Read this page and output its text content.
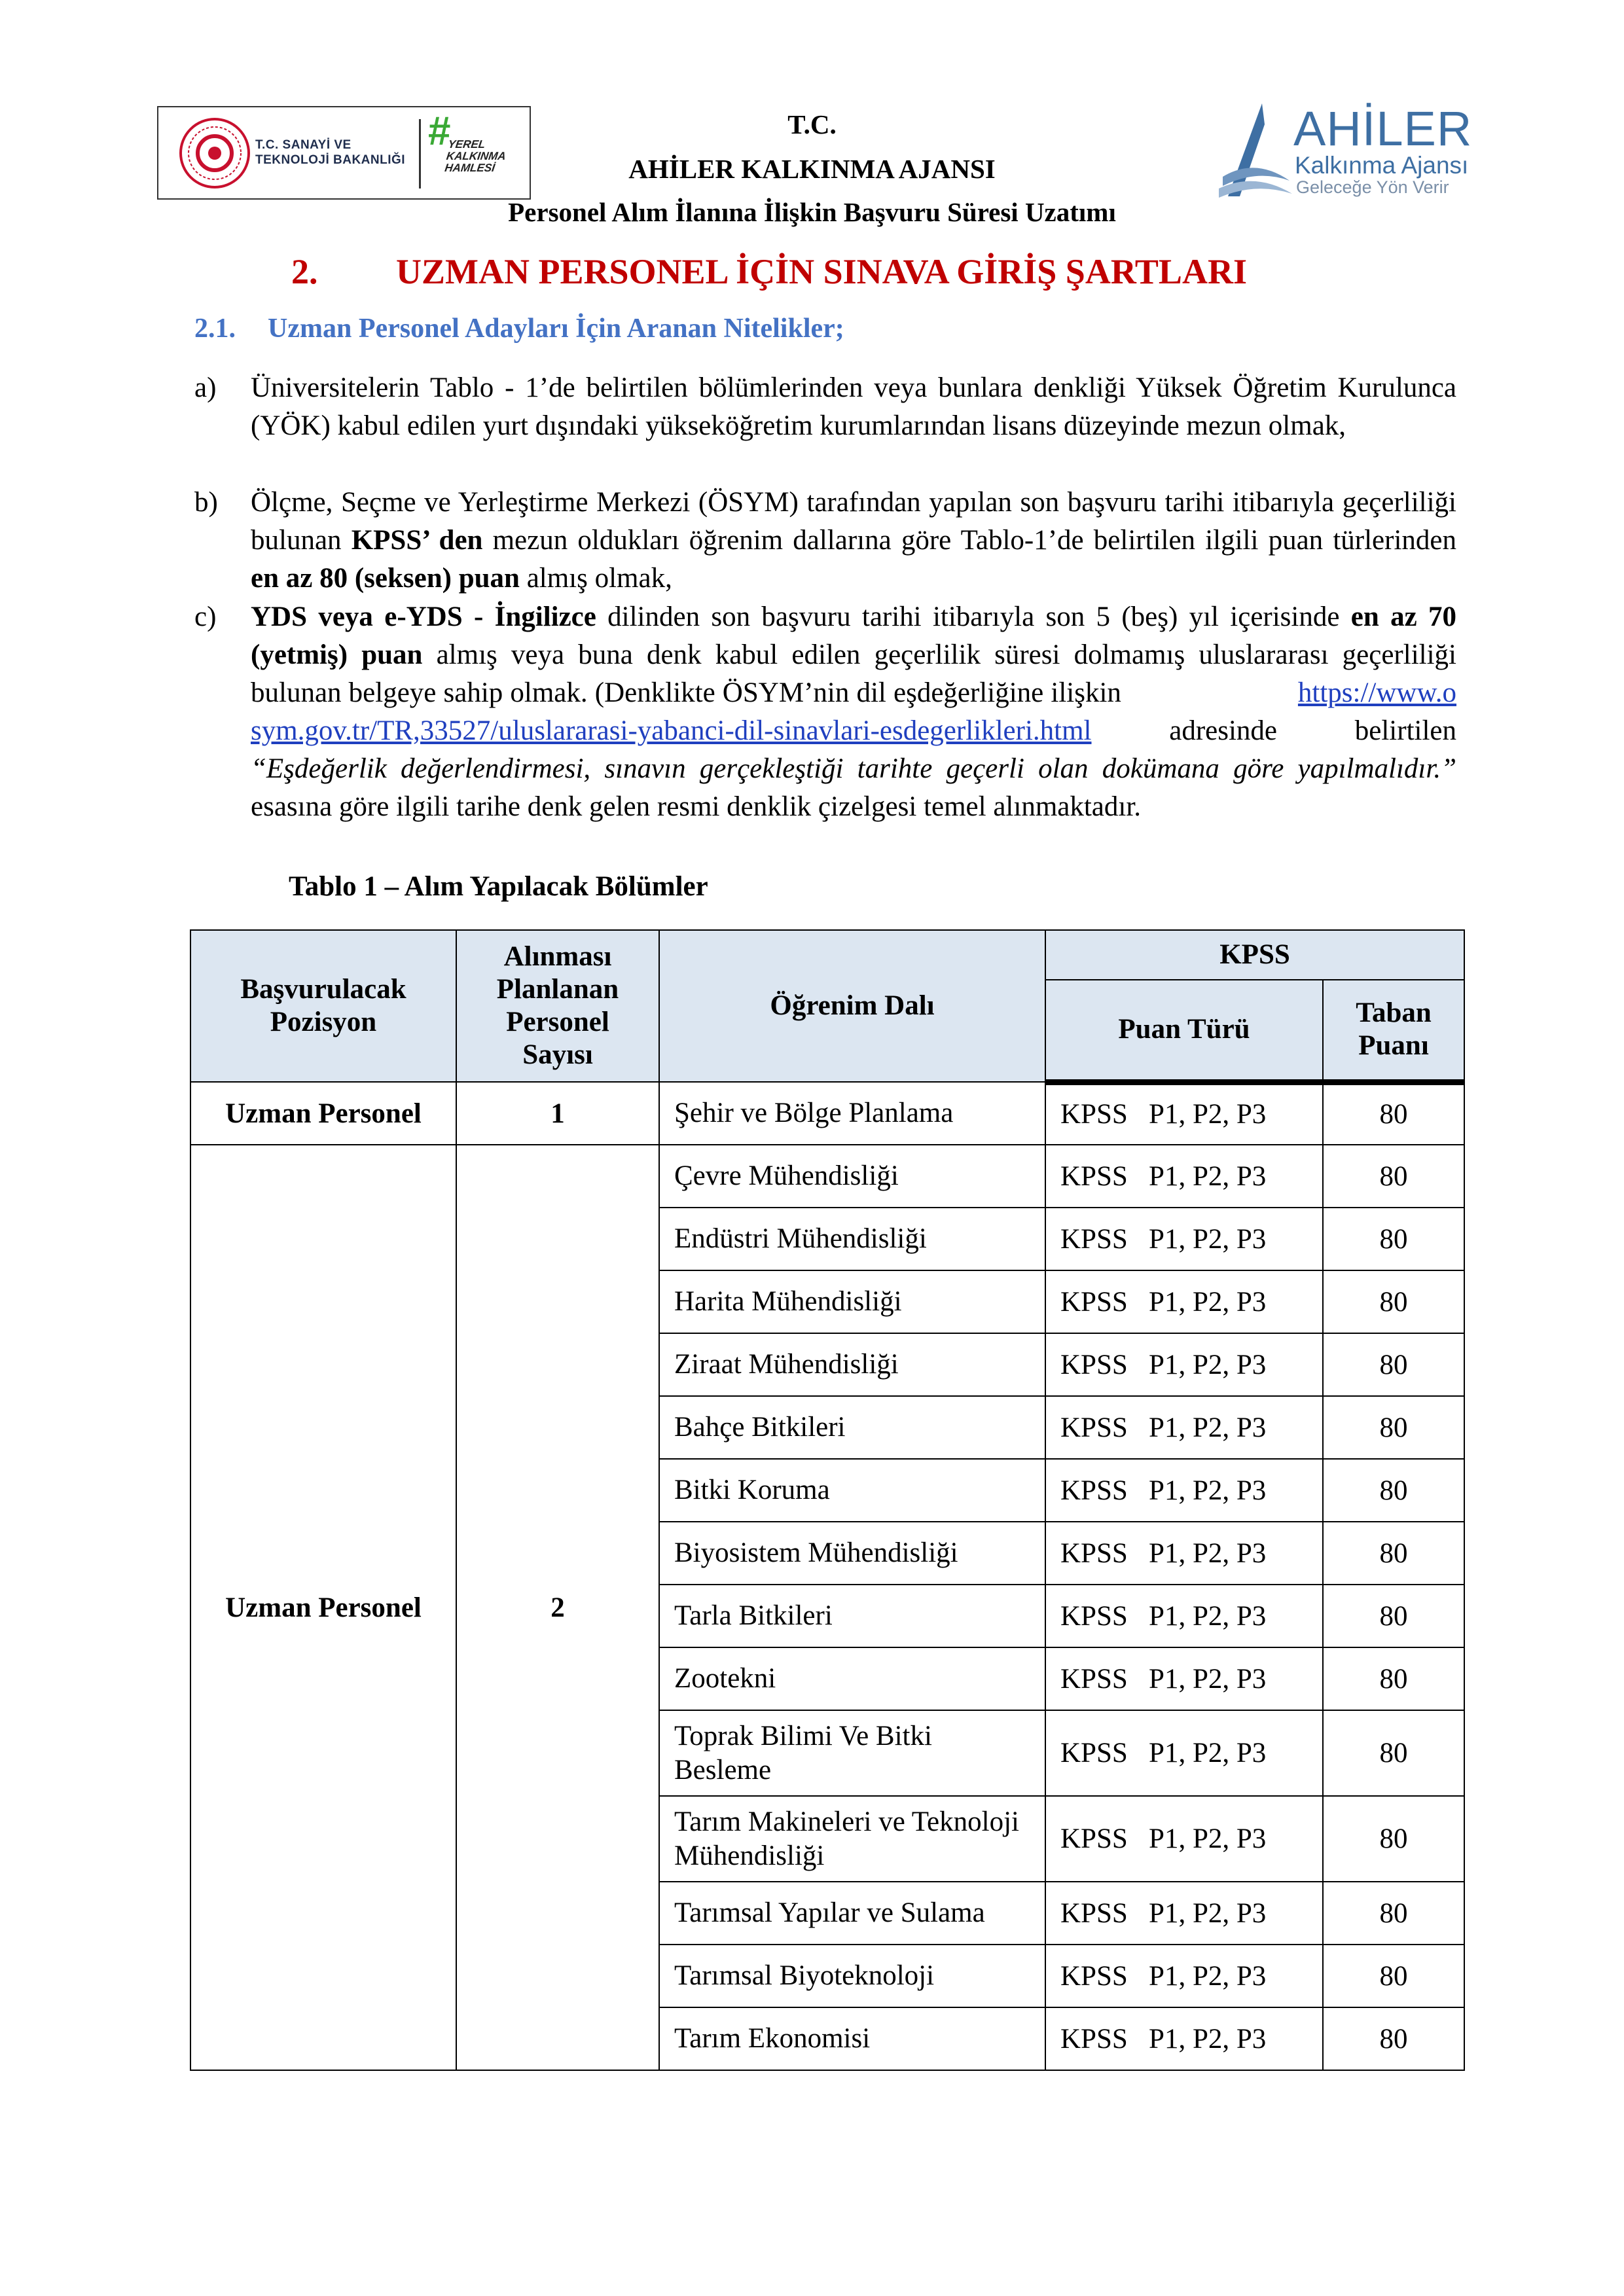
T.C. SANAYİ VE
TEKNOLOJİ BAKANLIĞI
#
YEREL
KALKINMA
HAMLESİ
T.C.
AHİLER KALKINMA AJANSI
Personel Alım İlanına İlişkin Başvuru Süresi Uzatımı
AHİLER
Kalkınma Ajansı
Geleceğe Yön Verir
2. UZMAN PERSONEL İÇİN SINAVA GİRİŞ ŞARTLARI
2.1. Uzman Personel Adayları İçin Aranan Nitelikler;
a)	Üniversitelerin Tablo - 1’de belirtilen bölümlerinden veya bunlara denkliği Yüksek Öğretim Kurulunca (YÖK) kabul edilen yurt dışındaki yükseköğretim kurumlarından lisans düzeyinde mezun olmak,
b)	Ölçme, Seçme ve Yerleştirme Merkezi (ÖSYM) tarafından yapılan son başvuru tarihi itibarıyla geçerliliği bulunan KPSS’ den mezun oldukları öğrenim dallarına göre Tablo-1’de belirtilen ilgili puan türlerinden en az 80 (seksen) puan almış olmak,
c)	YDS veya e-YDS - İngilizce dilinden son başvuru tarihi itibarıyla son 5 (beş) yıl içerisinde en az 70 (yetmiş) puan almış veya buna denk kabul edilen geçerlilik süresi dolmamış uluslararası geçerliliği bulunan belgeye sahip olmak. (Denklikte ÖSYM’nin dil eşdeğerliğine ilişkin	https://www.osym.gov.tr/TR,33527/uluslararasi-yabanci-dil-sinavlari-esdegerlikleri.html adresinde belirtilen “Eşdeğerlik değerlendirmesi, sınavın gerçekleştiği tarihte geçerli olan dokümana göre yapılmalıdır.” esasına göre ilgili tarihe denk gelen resmi denklik çizelgesi temel alınmaktadır.
Tablo 1 – Alım Yapılacak Bölümler
Başvurulacak Pozisyon	Alınması Planlanan Personel Sayısı	Öğrenim Dalı	KPSS	
			Puan Türü	Taban Puanı
Uzman Personel	1	Şehir ve Bölge Planlama	KPSS   P1, P2, P3	80
Uzman Personel	2	Çevre Mühendisliği	KPSS   P1, P2, P3	80
		Endüstri Mühendisliği	KPSS   P1, P2, P3	80
		Harita Mühendisliği	KPSS   P1, P2, P3	80
		Ziraat Mühendisliği	KPSS   P1, P2, P3	80
		Bahçe Bitkileri	KPSS   P1, P2, P3	80
		Bitki Koruma	KPSS   P1, P2, P3	80
		Biyosistem Mühendisliği	KPSS   P1, P2, P3	80
		Tarla Bitkileri	KPSS   P1, P2, P3	80
		Zootekni	KPSS   P1, P2, P3	80
		Toprak Bilimi Ve Bitki Besleme	KPSS   P1, P2, P3	80
		Tarım Makineleri ve Teknoloji Mühendisliği	KPSS   P1, P2, P3	80
		Tarımsal Yapılar ve Sulama	KPSS   P1, P2, P3	80
		Tarımsal Biyoteknoloji	KPSS   P1, P2, P3	80
		Tarım Ekonomisi	KPSS   P1, P2, P3	80
